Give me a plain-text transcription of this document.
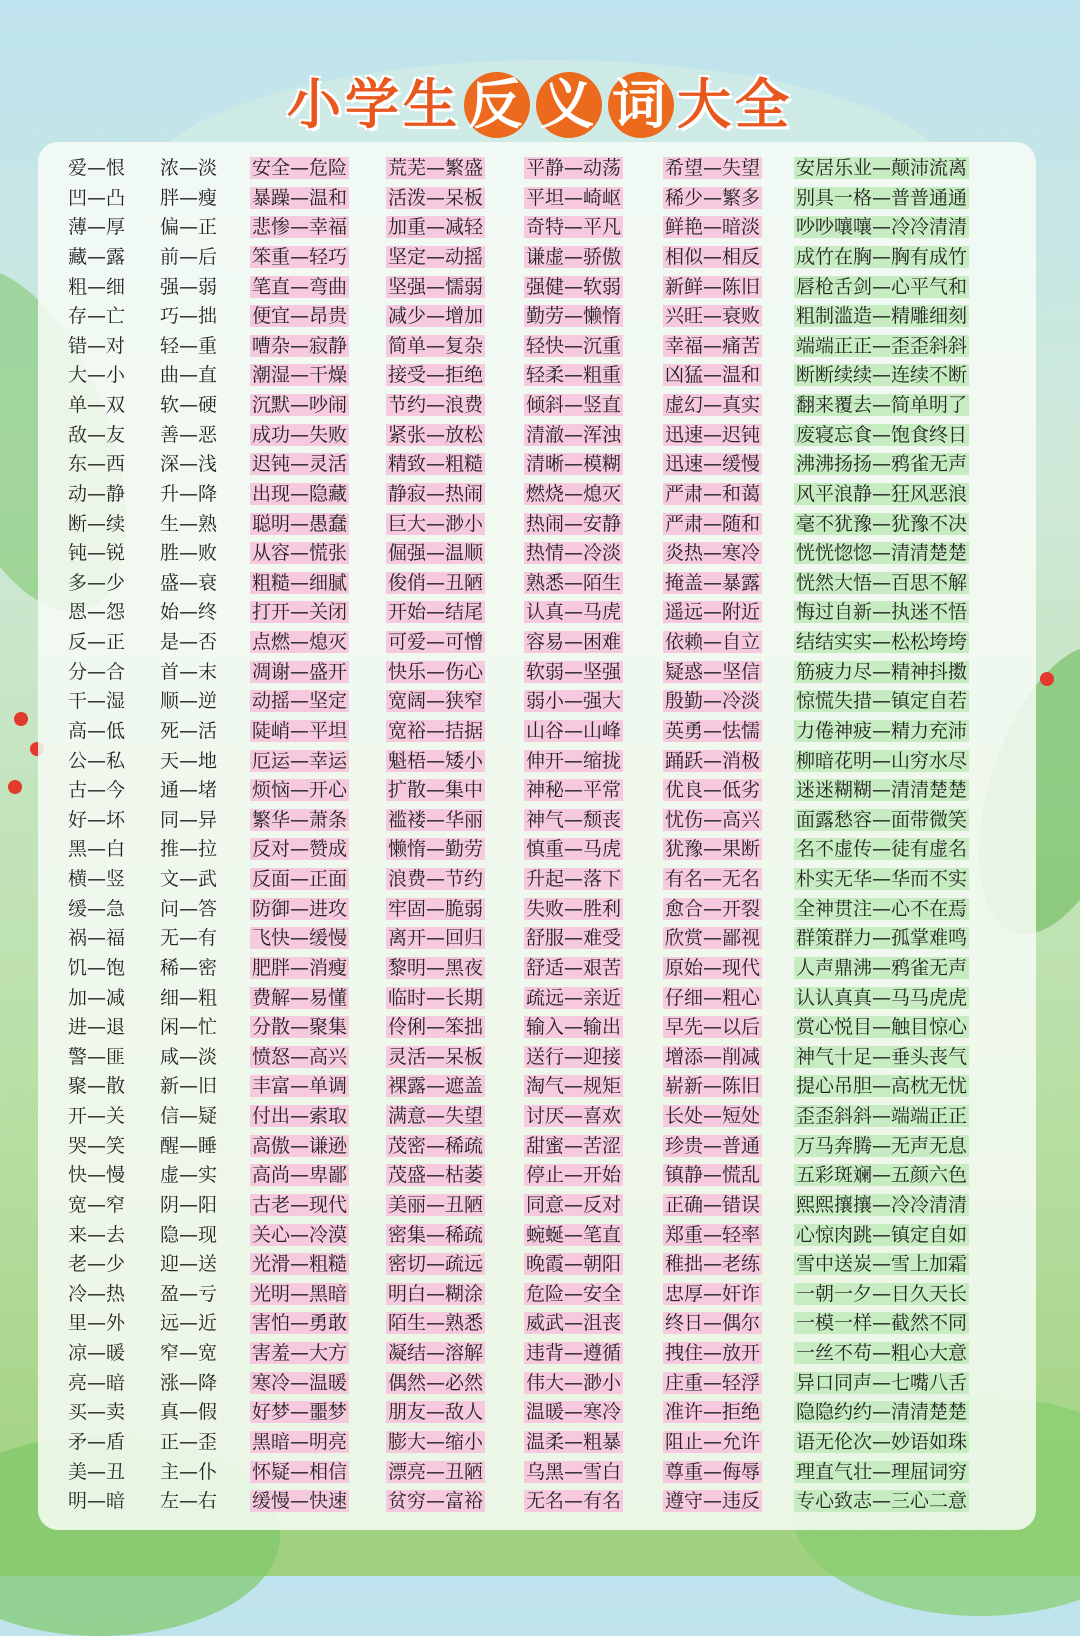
小学生 反 义 词 大全
爱—恨
凹—凸
薄—厚
藏—露
粗—细
存—亡
错—对
大—小
单—双
敌—友
东—西
动—静
断—续
钝—锐
多—少
恩—怨
反—正
分—合
干—湿
高—低
公—私
古—今
好—坏
黑—白
横—竖
缓—急
祸—福
饥—饱
加—减
进—退
警—匪
聚—散
开—关
哭—笑
快—慢
宽—窄
来—去
老—少
冷—热
里—外
凉—暖
亮—暗
买—卖
矛—盾
美—丑
明—暗
浓—淡
胖—瘦
偏—正
前—后
强—弱
巧—拙
轻—重
曲—直
软—硬
善—恶
深—浅
升—降
生—熟
胜—败
盛—衰
始—终
是—否
首—末
顺—逆
死—活
天—地
通—堵
同—异
推—拉
文—武
问—答
无—有
稀—密
细—粗
闲—忙
咸—淡
新—旧
信—疑
醒—睡
虚—实
阴—阳
隐—现
迎—送
盈—亏
远—近
窄—宽
涨—降
真—假
正—歪
主—仆
左—右
安全—危险
暴躁—温和
悲惨—幸福
笨重—轻巧
笔直—弯曲
便宜—昂贵
嘈杂—寂静
潮湿—干燥
沉默—吵闹
成功—失败
迟钝—灵活
出现—隐藏
聪明—愚蠢
从容—慌张
粗糙—细腻
打开—关闭
点燃—熄灭
凋谢—盛开
动摇—坚定
陡峭—平坦
厄运—幸运
烦恼—开心
繁华—萧条
反对—赞成
反面—正面
防御—进攻
飞快—缓慢
肥胖—消瘦
费解—易懂
分散—聚集
愤怒—高兴
丰富—单调
付出—索取
高傲—谦逊
高尚—卑鄙
古老—现代
关心—冷漠
光滑—粗糙
光明—黑暗
害怕—勇敢
害羞—大方
寒冷—温暖
好梦—噩梦
黑暗—明亮
怀疑—相信
缓慢—快速
荒芜—繁盛
活泼—呆板
加重—减轻
坚定—动摇
坚强—懦弱
减少—增加
简单—复杂
接受—拒绝
节约—浪费
紧张—放松
精致—粗糙
静寂—热闹
巨大—渺小
倔强—温顺
俊俏—丑陋
开始—结尾
可爱—可憎
快乐—伤心
宽阔—狭窄
宽裕—拮据
魁梧—矮小
扩散—集中
褴褛—华丽
懒惰—勤劳
浪费—节约
牢固—脆弱
离开—回归
黎明—黑夜
临时—长期
伶俐—笨拙
灵活—呆板
裸露—遮盖
满意—失望
茂密—稀疏
茂盛—枯萎
美丽—丑陋
密集—稀疏
密切—疏远
明白—糊涂
陌生—熟悉
凝结—溶解
偶然—必然
朋友—敌人
膨大—缩小
漂亮—丑陋
贫穷—富裕
平静—动荡
平坦—崎岖
奇特—平凡
谦虚—骄傲
强健—软弱
勤劳—懒惰
轻快—沉重
轻柔—粗重
倾斜—竖直
清澈—浑浊
清晰—模糊
燃烧—熄灭
热闹—安静
热情—冷淡
熟悉—陌生
认真—马虎
容易—困难
软弱—坚强
弱小—强大
山谷—山峰
伸开—缩拢
神秘—平常
神气—颓丧
慎重—马虎
升起—落下
失败—胜利
舒服—难受
舒适—艰苦
疏远—亲近
输入—输出
送行—迎接
淘气—规矩
讨厌—喜欢
甜蜜—苦涩
停止—开始
同意—反对
蜿蜒—笔直
晚霞—朝阳
危险—安全
威武—沮丧
违背—遵循
伟大—渺小
温暖—寒冷
温柔—粗暴
乌黑—雪白
无名—有名
希望—失望
稀少—繁多
鲜艳—暗淡
相似—相反
新鲜—陈旧
兴旺—衰败
幸福—痛苦
凶猛—温和
虚幻—真实
迅速—迟钝
迅速—缓慢
严肃—和蔼
严肃—随和
炎热—寒冷
掩盖—暴露
遥远—附近
依赖—自立
疑惑—坚信
殷勤—冷淡
英勇—怯懦
踊跃—消极
优良—低劣
忧伤—高兴
犹豫—果断
有名—无名
愈合—开裂
欣赏—鄙视
原始—现代
仔细—粗心
早先—以后
增添—削减
崭新—陈旧
长处—短处
珍贵—普通
镇静—慌乱
正确—错误
郑重—轻率
稚拙—老练
忠厚—奸诈
终日—偶尔
拽住—放开
庄重—轻浮
准许—拒绝
阻止—允许
尊重—侮辱
遵守—违反
安居乐业—颠沛流离
别具一格—普普通通
吵吵嚷嚷—冷冷清清
成竹在胸—胸有成竹
唇枪舌剑—心平气和
粗制滥造—精雕细刻
端端正正—歪歪斜斜
断断续续—连续不断
翻来覆去—简单明了
废寝忘食—饱食终日
沸沸扬扬—鸦雀无声
风平浪静—狂风恶浪
毫不犹豫—犹豫不决
恍恍惚惚—清清楚楚
恍然大悟—百思不解
悔过自新—执迷不悟
结结实实—松松垮垮
筋疲力尽—精神抖擞
惊慌失措—镇定自若
力倦神疲—精力充沛
柳暗花明—山穷水尽
迷迷糊糊—清清楚楚
面露愁容—面带微笑
名不虚传—徒有虚名
朴实无华—华而不实
全神贯注—心不在焉
群策群力—孤掌难鸣
人声鼎沸—鸦雀无声
认认真真—马马虎虎
赏心悦目—触目惊心
神气十足—垂头丧气
提心吊胆—高枕无忧
歪歪斜斜—端端正正
万马奔腾—无声无息
五彩斑斓—五颜六色
熙熙攘攘—冷冷清清
心惊肉跳—镇定自如
雪中送炭—雪上加霜
一朝一夕—日久天长
一模一样—截然不同
一丝不苟—粗心大意
异口同声—七嘴八舌
隐隐约约—清清楚楚
语无伦次—妙语如珠
理直气壮—理屈词穷
专心致志—三心二意
